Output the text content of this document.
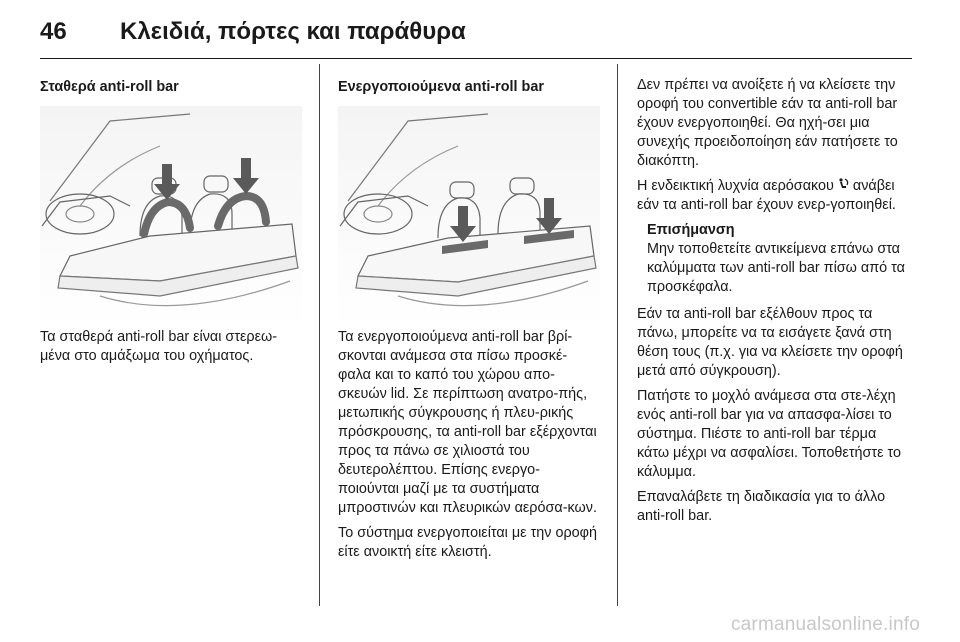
46	Κλειδιά, πόρτες και παράθυρα
Σταθερά anti-roll bar

Τα σταθερά anti-roll bar είναι στερεω-μένα στο αμάξωμα του οχήματος.

Ενεργοποιούμενα anti-roll bar

Τα ενεργοποιούμενα anti-roll bar βρί-σκονται ανάμεσα στα πίσω προσκέ-φαλα και το καπό του χώρου απο-σκευών lid. Σε περίπτωση ανατρο-πής, μετωπικής σύγκρουσης ή πλευ-ρικής πρόσκρουσης, τα anti-roll bar εξέρχονται προς τα πάνω σε χιλιοστά του δευτερολέπτου. Επίσης ενεργο-ποιούνται μαζί με τα συστήματα μπροστινών και πλευρικών αερόσα-κων.

Το σύστημα ενεργοποιείται με την οροφή είτε ανοικτή είτε κλειστή.

Δεν πρέπει να ανοίξετε ή να κλείσετε την οροφή του convertible εάν τα anti-roll bar έχουν ενεργοποιηθεί. Θα ηχή-σει μια συνεχής προειδοποίηση εάν πατήσετε το διακόπτη.

Η ενδεικτική λυχνία αερόσακου ανάβει εάν τα anti-roll bar έχουν ενερ-γοποιηθεί.

Επισήμανση
Μην τοποθετείτε αντικείμενα επάνω στα καλύμματα των anti-roll bar πίσω από τα προσκέφαλα.

Εάν τα anti-roll bar εξέλθουν προς τα πάνω, μπορείτε να τα εισάγετε ξανά στη θέση τους (π.χ. για να κλείσετε την οροφή μετά από σύγκρουση).

Πατήστε το μοχλό ανάμεσα στα στε-λέχη ενός anti-roll bar για να απασφα-λίσει το σύστημα. Πιέστε το anti-roll bar τέρμα κάτω μέχρι να ασφαλίσει. Τοποθετήστε το κάλυμμα.

Επαναλάβετε τη διαδικασία για το άλλο anti-roll bar.

carmanualsonline.info
